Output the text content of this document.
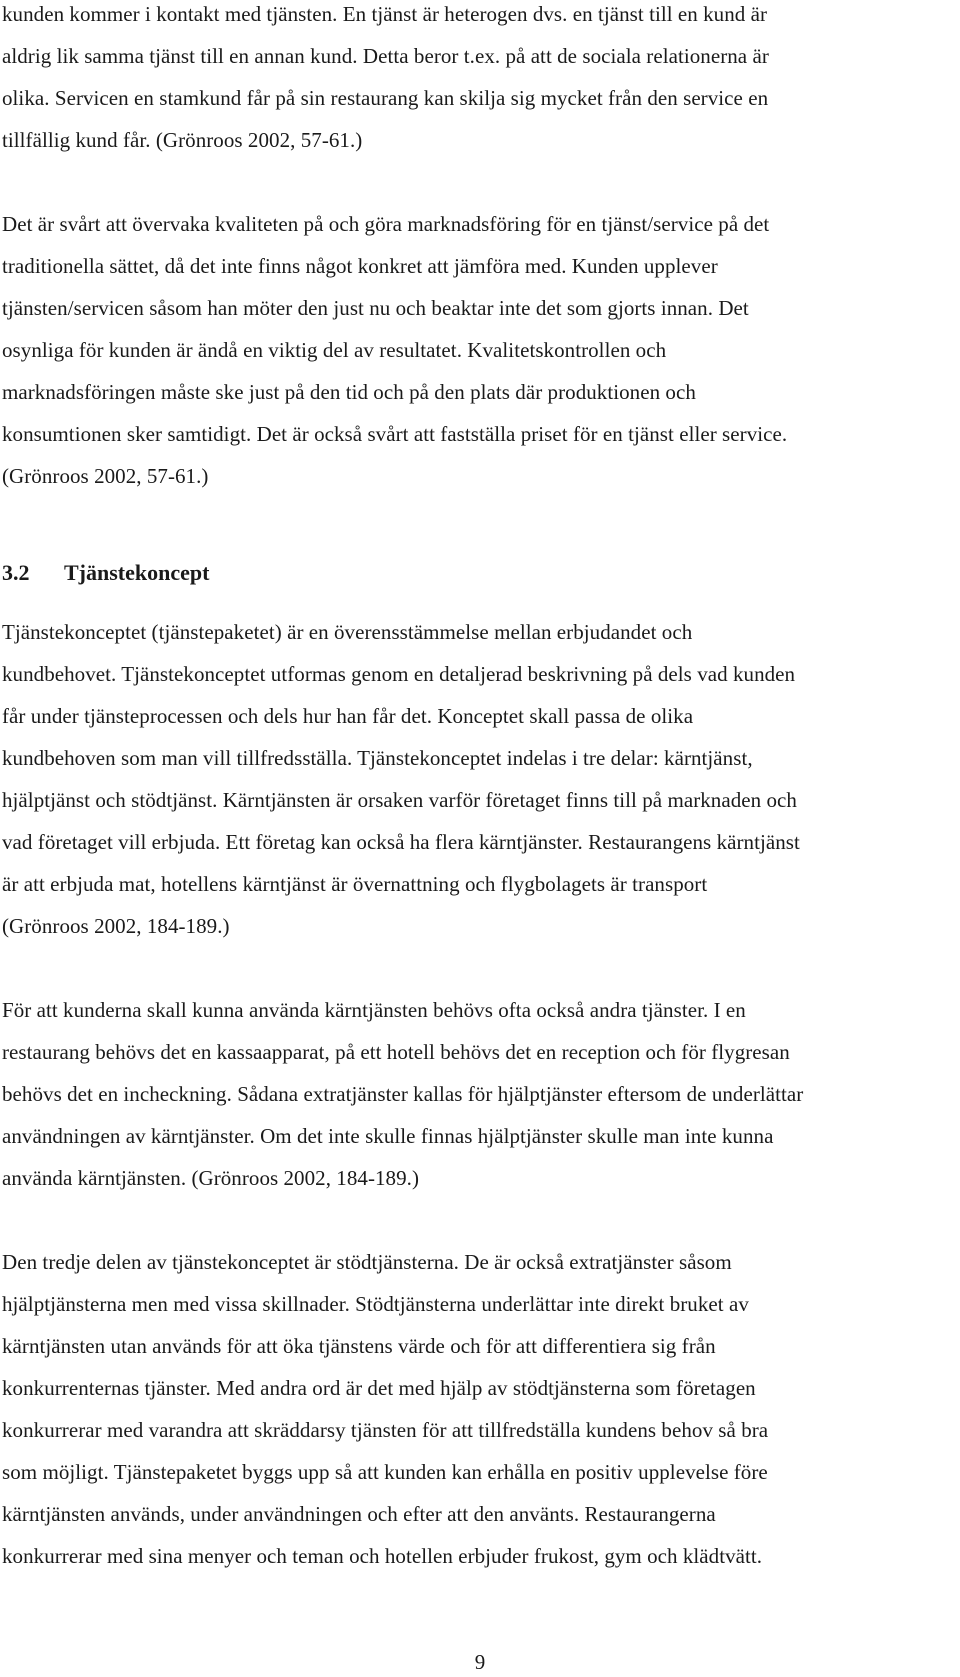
kunden kommer i kontakt med tjänsten. En tjänst är heterogen dvs. en tjänst till en kund är
aldrig lik samma tjänst till en annan kund. Detta beror t.ex. på att de sociala relationerna är
olika. Servicen en stamkund får på sin restaurang kan skilja sig mycket från den service en
tillfällig kund får. (Grönroos 2002, 57-61.)
Det är svårt att övervaka kvaliteten på och göra marknadsföring för en tjänst/service på det
traditionella sättet, då det inte finns något konkret att jämföra med. Kunden upplever
tjänsten/servicen såsom han möter den just nu och beaktar inte det som gjorts innan. Det
osynliga för kunden är ändå en viktig del av resultatet. Kvalitetskontrollen och
marknadsföringen måste ske just på den tid och på den plats där produktionen och
konsumtionen sker samtidigt. Det är också svårt att fastställa priset för en tjänst eller service.
(Grönroos 2002, 57-61.)
3.2 Tjänstekoncept
Tjänstekonceptet (tjänstepaketet) är en överensstämmelse mellan erbjudandet och
kundbehovet. Tjänstekonceptet utformas genom en detaljerad beskrivning på dels vad kunden
får under tjänsteprocessen och dels hur han får det. Konceptet skall passa de olika
kundbehoven som man vill tillfredsställa. Tjänstekonceptet indelas i tre delar: kärntjänst,
hjälptjänst och stödtjänst. Kärntjänsten är orsaken varför företaget finns till på marknaden och
vad företaget vill erbjuda. Ett företag kan också ha flera kärntjänster. Restaurangens kärntjänst
är att erbjuda mat, hotellens kärntjänst är övernattning och flygbolagets är transport
(Grönroos 2002, 184-189.)
För att kunderna skall kunna använda kärntjänsten behövs ofta också andra tjänster. I en
restaurang behövs det en kassaapparat, på ett hotell behövs det en reception och för flygresan
behövs det en incheckning. Sådana extratjänster kallas för hjälptjänster eftersom de underlättar
användningen av kärntjänster. Om det inte skulle finnas hjälptjänster skulle man inte kunna
använda kärntjänsten. (Grönroos 2002, 184-189.)
Den tredje delen av tjänstekonceptet är stödtjänsterna. De är också extratjänster såsom
hjälptjänsterna men med vissa skillnader. Stödtjänsterna underlättar inte direkt bruket av
kärntjänsten utan används för att öka tjänstens värde och för att differentiera sig från
konkurrenternas tjänster. Med andra ord är det med hjälp av stödtjänsterna som företagen
konkurrerar med varandra att skräddarsy tjänsten för att tillfredställa kundens behov så bra
som möjligt. Tjänstepaketet byggs upp så att kunden kan erhålla en positiv upplevelse före
kärntjänsten används, under användningen och efter att den använts. Restaurangerna
konkurrerar med sina menyer och teman och hotellen erbjuder frukost, gym och klädtvätt.
9
